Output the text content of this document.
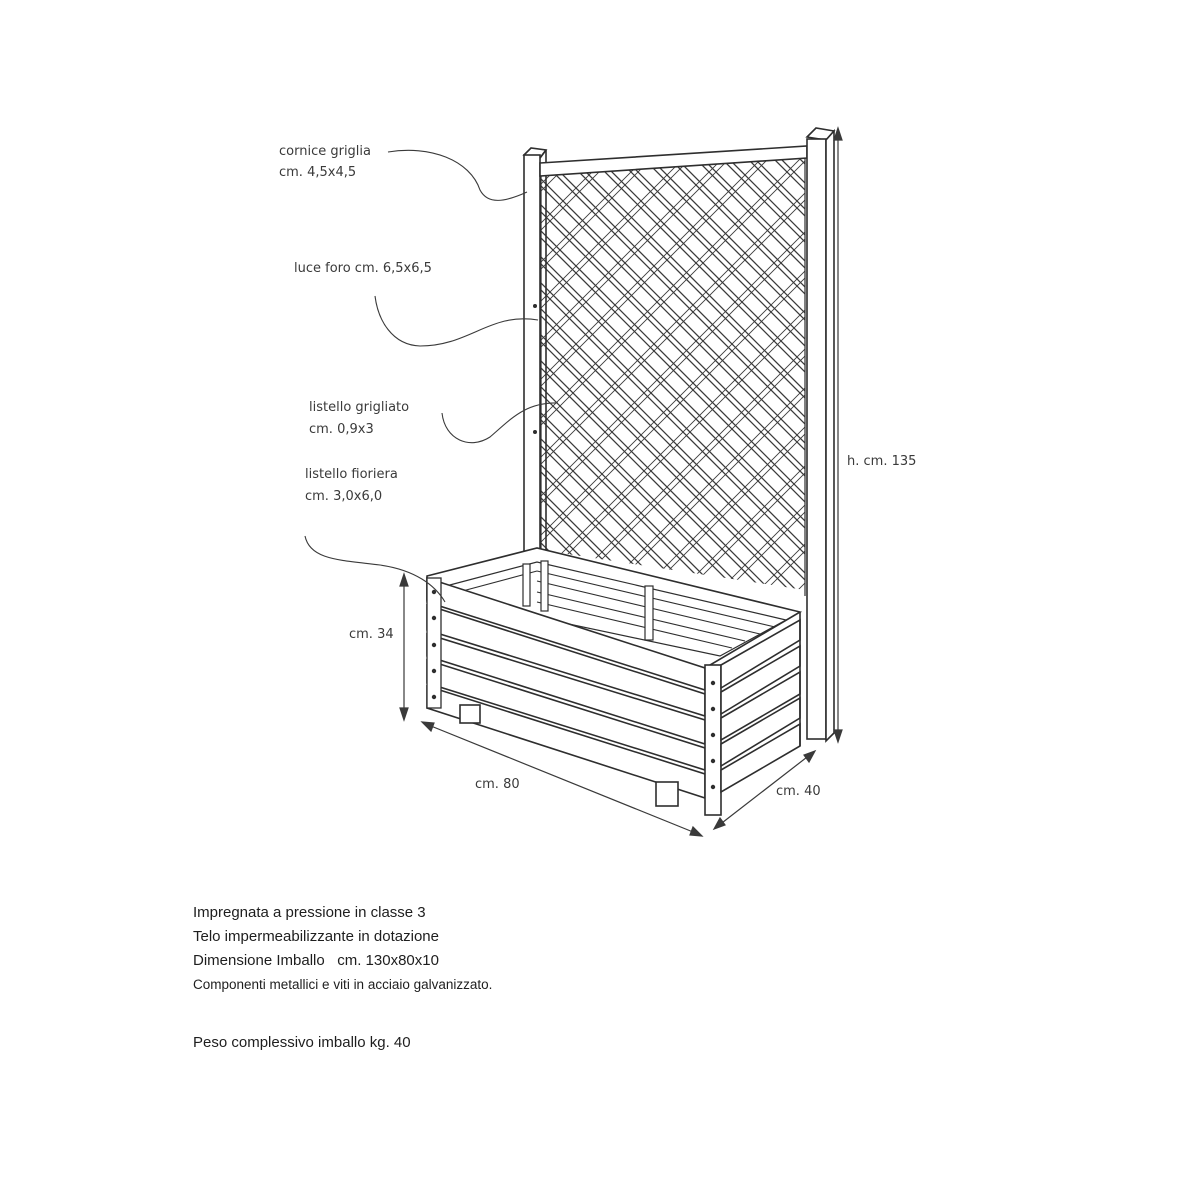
cornice griglia
cm. 4,5x4,5
luce foro cm. 6,5x6,5
listello grigliato
cm. 0,9x3
listello fioriera
cm. 3,0x6,0
h. cm. 135
cm. 34
cm. 80	cm. 40
Impregnata a pressione in classe 3
Telo impermeabilizzante in dotazione
Dimensione Imballo   cm. 130x80x10
Componenti metallici e viti in acciaio galvanizzato.
Peso complessivo imballo kg. 40
